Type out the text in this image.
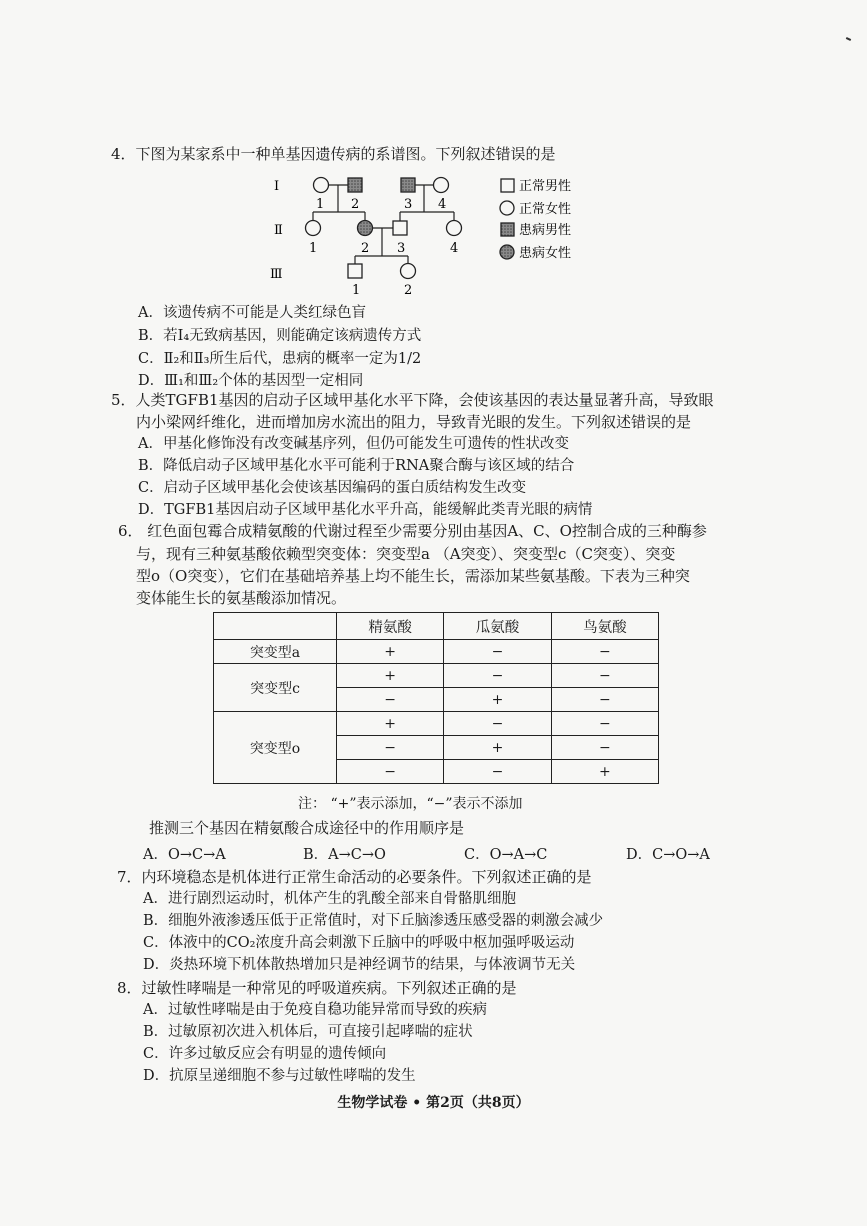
4．下图为某家系中一种单基因遗传病的系谱图。下列叙述错误的是
Ⅰ
Ⅱ
Ⅲ
1 2	3 4
1	2 3	4
1	2
正常男性
正常女性
患病男性
患病女性
A．该遗传病不可能是人类红绿色盲
B．若Ⅰ₄无致病基因，则能确定该病遗传方式
C．Ⅱ₂和Ⅱ₃所生后代，患病的概率一定为1/2
D．Ⅲ₁和Ⅲ₂个体的基因型一定相同
5．人类TGFB1基因的启动子区域甲基化水平下降，会使该基因的表达量显著升高，导致眼
内小梁网纤维化，进而增加房水流出的阻力，导致青光眼的发生。下列叙述错误的是
A．甲基化修饰没有改变碱基序列，但仍可能发生可遗传的性状改变
B．降低启动子区域甲基化水平可能利于RNA聚合酶与该区域的结合
C．启动子区域甲基化会使该基因编码的蛋白质结构发生改变
D．TGFB1基因启动子区域甲基化水平升高，能缓解此类青光眼的病情
6． 红色面包霉合成精氨酸的代谢过程至少需要分别由基因A、C、O控制合成的三种酶参
与，现有三种氨基酸依赖型突变体：突变型a （A突变）、突变型c（C突变）、突变
型o（O突变），它们在基础培养基上均不能生长，需添加某些氨基酸。下表为三种突
变体能生长的氨基酸添加情况。
	精氨酸	瓜氨酸	鸟氨酸
突变型a	+	−	−
突变型c	+	−	−
	−	+	−
突变型o	+	−	−
	−	+	−
	−	−	+
注： “+”表示添加，“−”表示不添加
推测三个基因在精氨酸合成途径中的作用顺序是
A．O→C→A	B．A→C→O	C．O→A→C	D．C→O→A
7．内环境稳态是机体进行正常生命活动的必要条件。下列叙述正确的是
A．进行剧烈运动时，机体产生的乳酸全部来自骨骼肌细胞
B．细胞外液渗透压低于正常值时，对下丘脑渗透压感受器的刺激会减少
C．体液中的CO₂浓度升高会刺激下丘脑中的呼吸中枢加强呼吸运动
D．炎热环境下机体散热增加只是神经调节的结果，与体液调节无关
8．过敏性哮喘是一种常见的呼吸道疾病。下列叙述正确的是
A．过敏性哮喘是由于免疫自稳功能异常而导致的疾病
B．过敏原初次进入机体后，可直接引起哮喘的症状
C．许多过敏反应会有明显的遗传倾向
D．抗原呈递细胞不参与过敏性哮喘的发生
生物学试卷 • 第2页（共8页）
